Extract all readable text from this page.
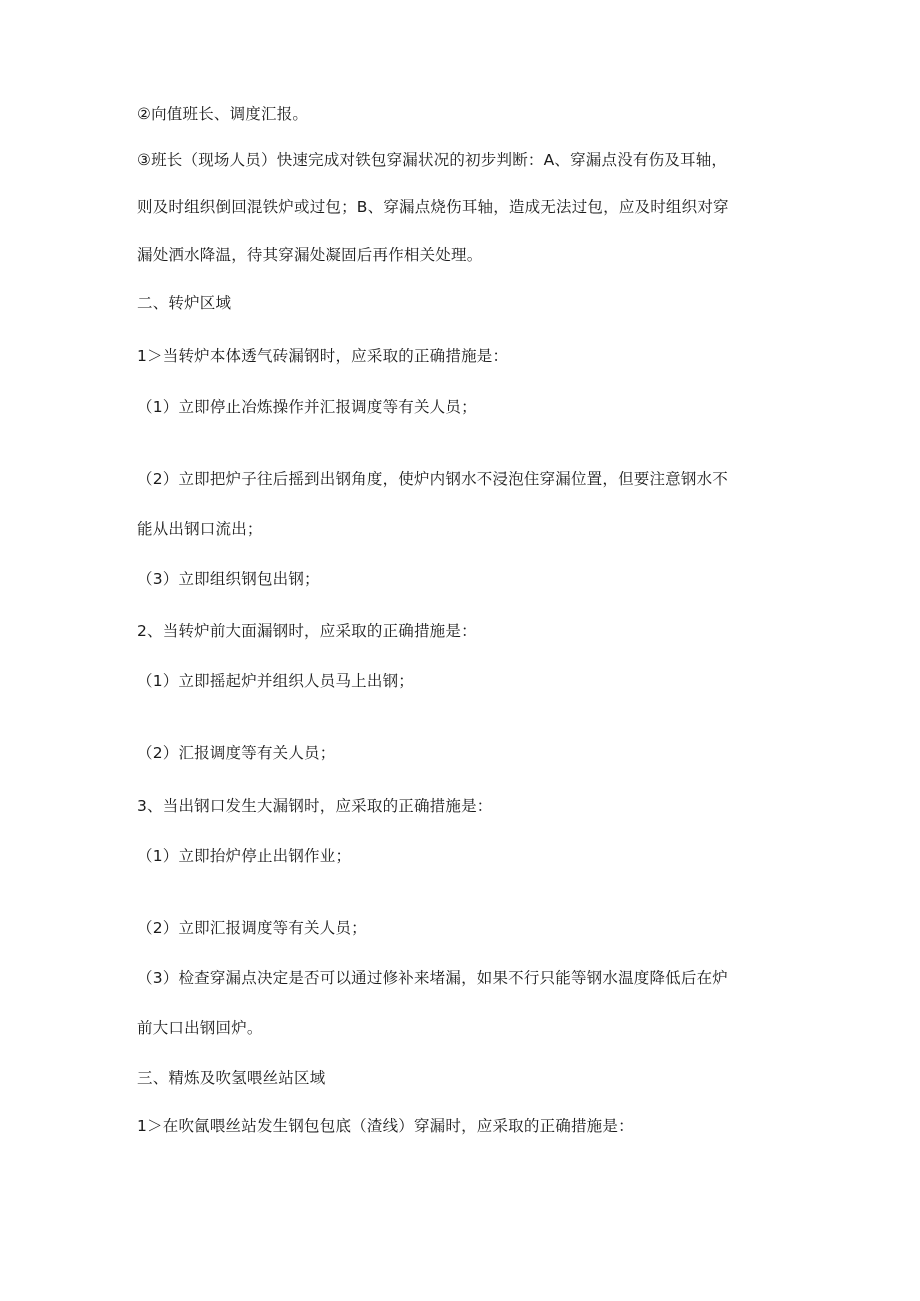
②向值班长、调度汇报。
③班长（现场人员）快速完成对铁包穿漏状况的初步判断：A、穿漏点没有伤及耳轴，
则及时组织倒回混铁炉或过包；B、穿漏点烧伤耳轴，造成无法过包，应及时组织对穿
漏处洒水降温，待其穿漏处凝固后再作相关处理。
二、转炉区域
1＞当转炉本体透气砖漏钢时，应采取的正确措施是：
（1）立即停止冶炼操作并汇报调度等有关人员；
（2）立即把炉子往后摇到出钢角度，使炉内钢水不浸泡住穿漏位置，但要注意钢水不
能从出钢口流出；
（3）立即组织钢包出钢；
2、当转炉前大面漏钢时，应采取的正确措施是：
（1）立即摇起炉并组织人员马上出钢；
（2）汇报调度等有关人员；
3、当出钢口发生大漏钢时，应采取的正确措施是：
（1）立即抬炉停止出钢作业；
（2）立即汇报调度等有关人员；
（3）检查穿漏点决定是否可以通过修补来堵漏，如果不行只能等钢水温度降低后在炉
前大口出钢回炉。
三、精炼及吹氢喂丝站区域
1＞在吹氤喂丝站发生钢包包底（渣线）穿漏时，应采取的正确措施是：
